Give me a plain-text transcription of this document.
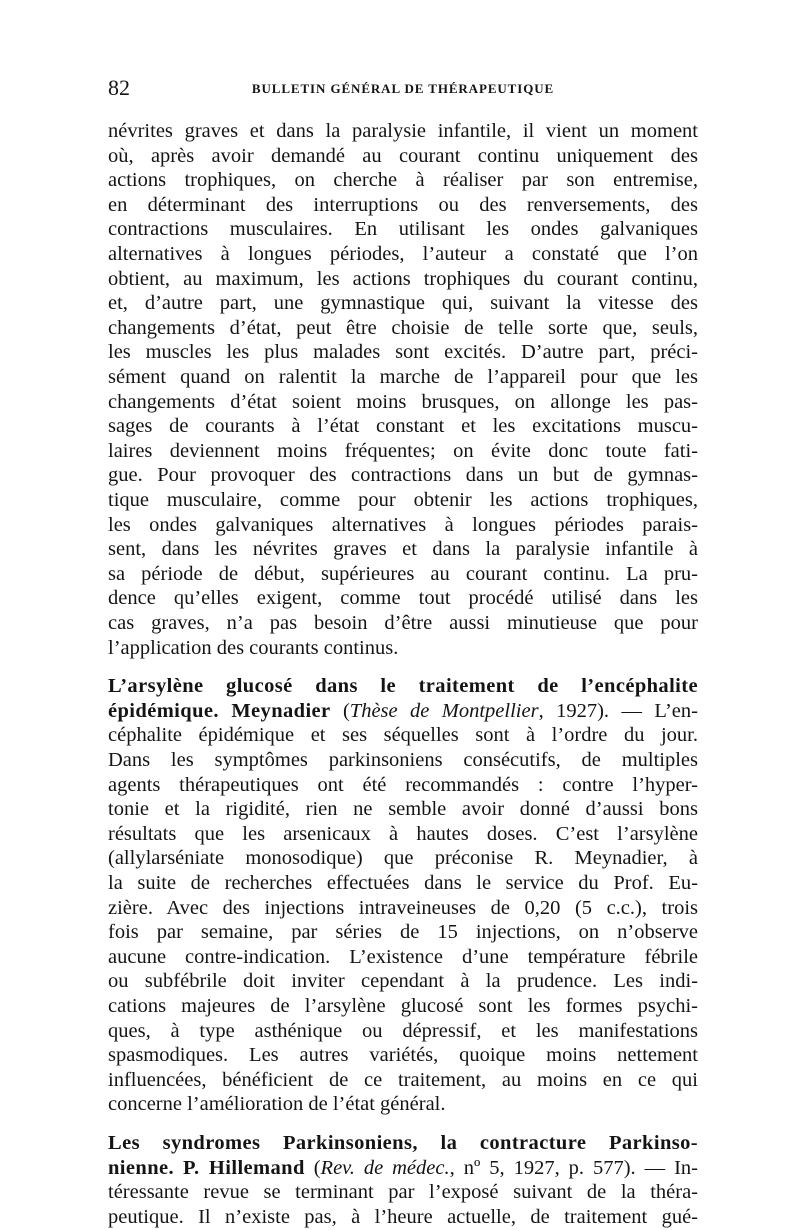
82	BULLETIN GÉNÉRAL DE THÉRAPEUTIQUE
névrites graves et dans la paralysie infantile, il vient un moment
où, après avoir demandé au courant continu uniquement des
actions trophiques, on cherche à réaliser par son entremise,
en déterminant des interruptions ou des renversements, des
contractions musculaires. En utilisant les ondes galvaniques
alternatives à longues périodes, l’auteur a constaté que l’on
obtient, au maximum, les actions trophiques du courant continu,
et, d’autre part, une gymnastique qui, suivant la vitesse des
changements d’état, peut être choisie de telle sorte que, seuls,
les muscles les plus malades sont excités. D’autre part, préci-
sément quand on ralentit la marche de l’appareil pour que les
changements d’état soient moins brusques, on allonge les pas-
sages de courants à l’état constant et les excitations muscu-
laires deviennent moins fréquentes; on évite donc toute fati-
gue. Pour provoquer des contractions dans un but de gymnas-
tique musculaire, comme pour obtenir les actions trophiques,
les ondes galvaniques alternatives à longues périodes parais-
sent, dans les névrites graves et dans la paralysie infantile à
sa période de début, supérieures au courant continu. La pru-
dence qu’elles exigent, comme tout procédé utilisé dans les
cas graves, n’a pas besoin d’être aussi minutieuse que pour
l’application des courants continus.
L’arsylène glucosé dans le traitement de l’encéphalite
épidémique. Meynadier (Thèse de Montpellier, 1927). — L’en-
céphalite épidémique et ses séquelles sont à l’ordre du jour.
Dans les symptômes parkinsoniens consécutifs, de multiples
agents thérapeutiques ont été recommandés : contre l’hyper-
tonie et la rigidité, rien ne semble avoir donné d’aussi bons
résultats que les arsenicaux à hautes doses. C’est l’arsylène
(allylarséniate monosodique) que préconise R. Meynadier, à
la suite de recherches effectuées dans le service du Prof. Eu-
zière. Avec des injections intraveineuses de 0,20 (5 c.c.), trois
fois par semaine, par séries de 15 injections, on n’observe
aucune contre-indication. L’existence d’une température fébrile
ou subfébrile doit inviter cependant à la prudence. Les indi-
cations majeures de l’arsylène glucosé sont les formes psychi-
ques, à type asthénique ou dépressif, et les manifestations
spasmodiques. Les autres variétés, quoique moins nettement
influencées, bénéficient de ce traitement, au moins en ce qui
concerne l’amélioration de l’état général.
Les syndromes Parkinsoniens, la contracture Parkinso-
nienne. P. Hillemand (Rev. de médec., nº 5, 1927, p. 577). — In-
téressante revue se terminant par l’exposé suivant de la théra-
peutique. Il n’existe pas, à l’heure actuelle, de traitement gué-
